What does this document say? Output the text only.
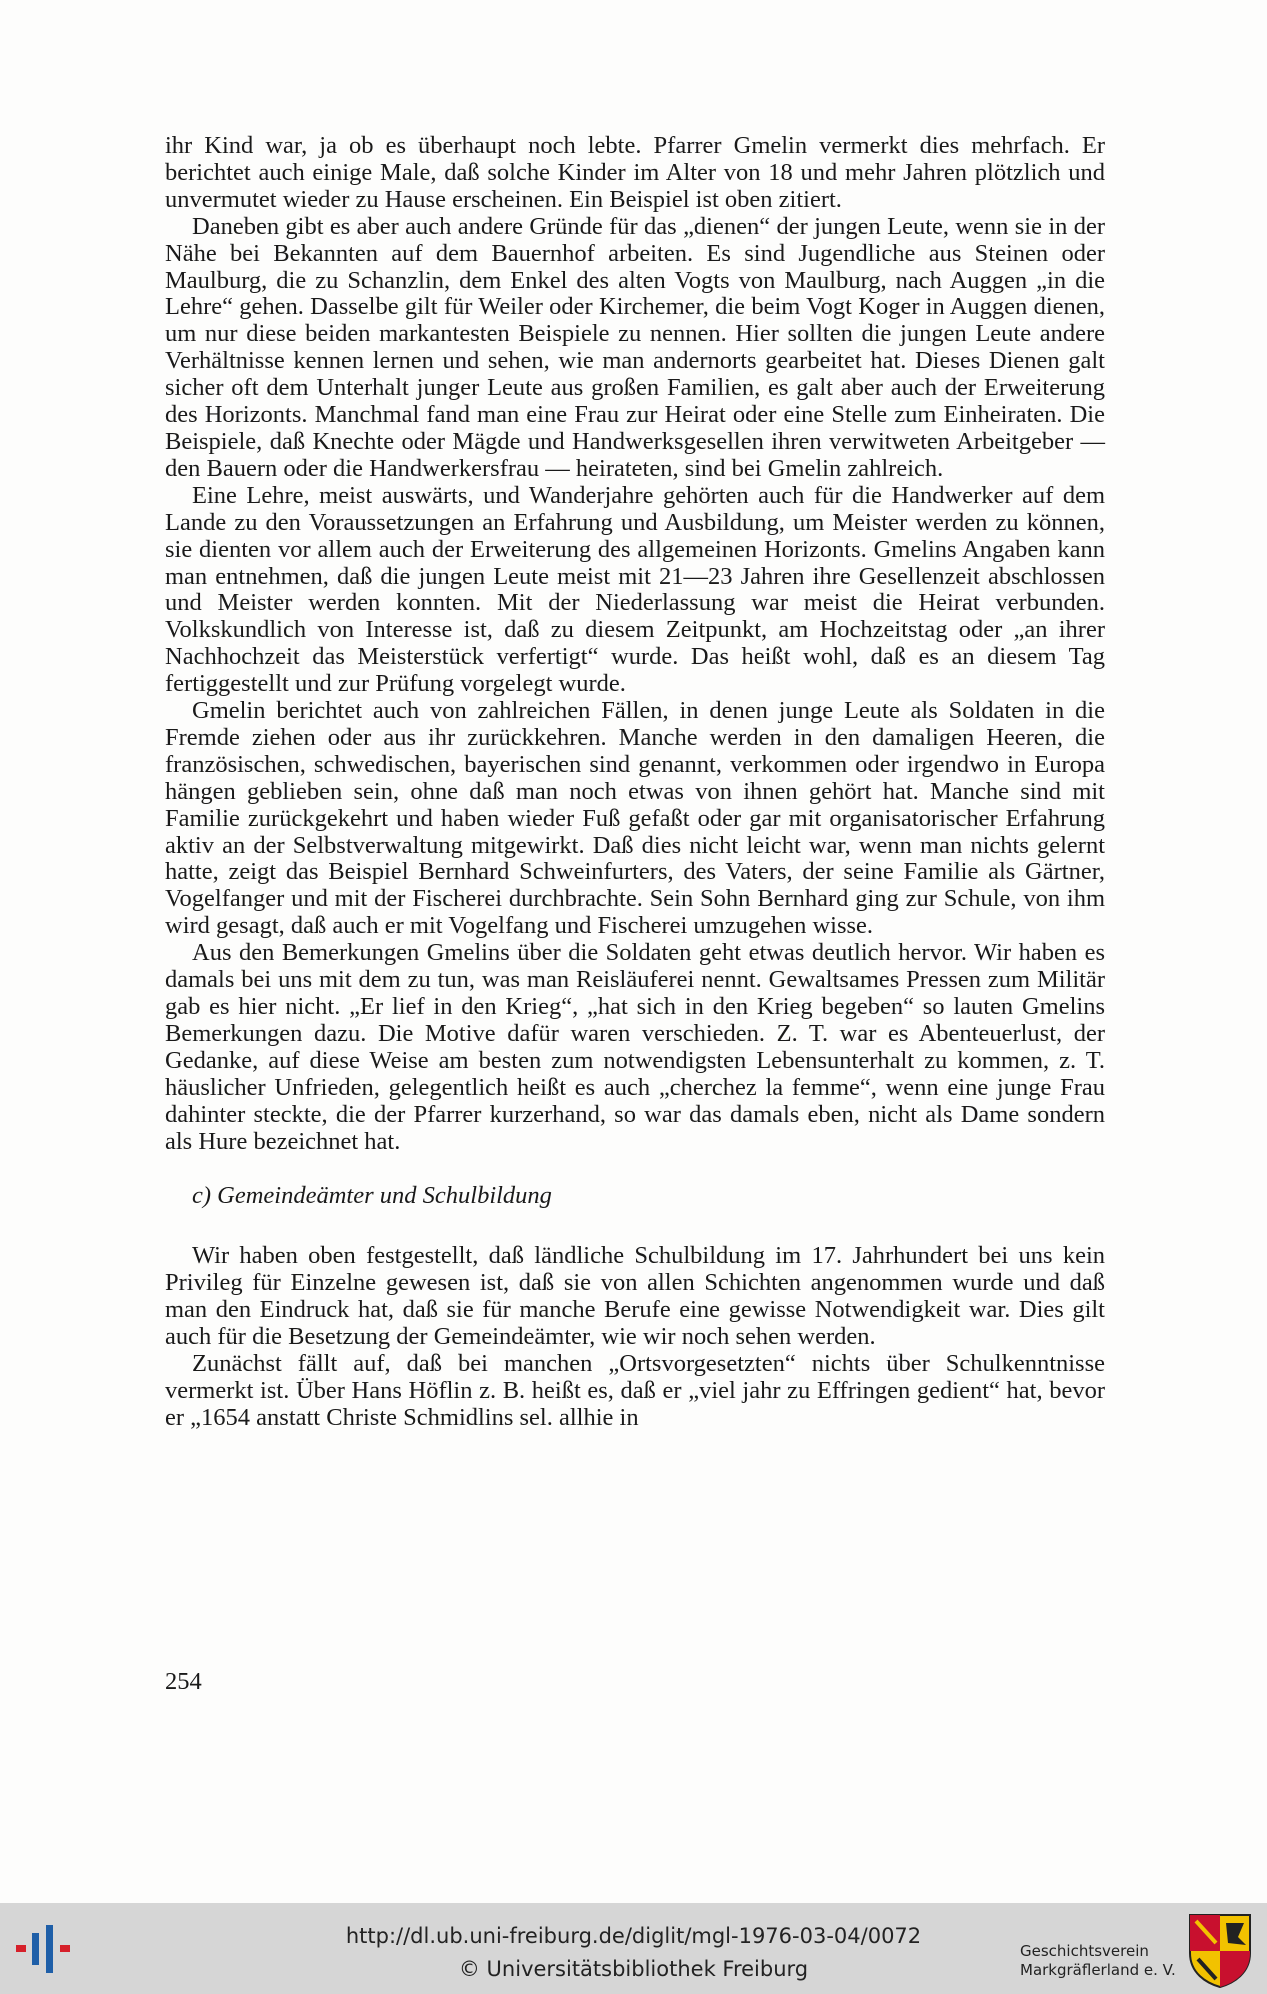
ihr Kind war, ja ob es überhaupt noch lebte. Pfarrer Gmelin vermerkt dies mehrfach. Er berichtet auch einige Male, daß solche Kinder im Alter von 18 und mehr Jahren plötzlich und unvermutet wieder zu Hause erscheinen. Ein Beispiel ist oben zitiert.

Daneben gibt es aber auch andere Gründe für das „dienen“ der jungen Leute, wenn sie in der Nähe bei Bekannten auf dem Bauernhof arbeiten. Es sind Jugendliche aus Steinen oder Maulburg, die zu Schanzlin, dem Enkel des alten Vogts von Maulburg, nach Auggen „in die Lehre“ gehen. Dasselbe gilt für Weiler oder Kirchemer, die beim Vogt Koger in Auggen dienen, um nur diese beiden markantesten Beispiele zu nennen. Hier sollten die jungen Leute andere Verhältnisse kennen lernen und sehen, wie man andernorts gearbeitet hat. Dieses Dienen galt sicher oft dem Unterhalt junger Leute aus großen Familien, es galt aber auch der Erweiterung des Horizonts. Manchmal fand man eine Frau zur Heirat oder eine Stelle zum Einheiraten. Die Beispiele, daß Knechte oder Mägde und Handwerksgesellen ihren verwitweten Arbeitgeber — den Bauern oder die Handwerkersfrau — heirateten, sind bei Gmelin zahlreich.

Eine Lehre, meist auswärts, und Wanderjahre gehörten auch für die Handwerker auf dem Lande zu den Voraussetzungen an Erfahrung und Ausbildung, um Meister werden zu können, sie dienten vor allem auch der Erweiterung des allgemeinen Horizonts. Gmelins Angaben kann man entnehmen, daß die jungen Leute meist mit 21—23 Jahren ihre Gesellenzeit abschlossen und Meister werden konnten. Mit der Niederlassung war meist die Heirat verbunden. Volkskundlich von Interesse ist, daß zu diesem Zeitpunkt, am Hochzeitstag oder „an ihrer Nachhochzeit das Meisterstück verfertigt“ wurde. Das heißt wohl, daß es an diesem Tag fertiggestellt und zur Prüfung vorgelegt wurde.

Gmelin berichtet auch von zahlreichen Fällen, in denen junge Leute als Soldaten in die Fremde ziehen oder aus ihr zurückkehren. Manche werden in den damaligen Heeren, die französischen, schwedischen, bayerischen sind genannt, verkommen oder irgendwo in Europa hängen geblieben sein, ohne daß man noch etwas von ihnen gehört hat. Manche sind mit Familie zurückgekehrt und haben wieder Fuß gefaßt oder gar mit organisatorischer Erfahrung aktiv an der Selbstverwaltung mitgewirkt. Daß dies nicht leicht war, wenn man nichts gelernt hatte, zeigt das Beispiel Bernhard Schweinfurters, des Vaters, der seine Familie als Gärtner, Vogelfanger und mit der Fischerei durchbrachte. Sein Sohn Bernhard ging zur Schule, von ihm wird gesagt, daß auch er mit Vogelfang und Fischerei umzugehen wisse.

Aus den Bemerkungen Gmelins über die Soldaten geht etwas deutlich hervor. Wir haben es damals bei uns mit dem zu tun, was man Reisläuferei nennt. Gewaltsames Pressen zum Militär gab es hier nicht. „Er lief in den Krieg“, „hat sich in den Krieg begeben“ so lauten Gmelins Bemerkungen dazu. Die Motive dafür waren verschieden. Z. T. war es Abenteuerlust, der Gedanke, auf diese Weise am besten zum notwendigsten Lebensunterhalt zu kommen, z. T. häuslicher Unfrieden, gelegentlich heißt es auch „cherchez la femme“, wenn eine junge Frau dahinter steckte, die der Pfarrer kurzerhand, so war das damals eben, nicht als Dame sondern als Hure bezeichnet hat.

c) Gemeindeämter und Schulbildung

Wir haben oben festgestellt, daß ländliche Schulbildung im 17. Jahrhundert bei uns kein Privileg für Einzelne gewesen ist, daß sie von allen Schichten angenommen wurde und daß man den Eindruck hat, daß sie für manche Berufe eine gewisse Notwendigkeit war. Dies gilt auch für die Besetzung der Gemeindeämter, wie wir noch sehen werden.

Zunächst fällt auf, daß bei manchen „Ortsvorgesetzten“ nichts über Schulkenntnisse vermerkt ist. Über Hans Höflin z. B. heißt es, daß er „viel jahr zu Effringen gedient“ hat, bevor er „1654 anstatt Christe Schmidlins sel. allhie in

254
http://dl.ub.uni-freiburg.de/diglit/mgl-1976-03-04/0072
© Universitätsbibliothek Freiburg
Geschichtsverein
Markgräflerland e. V.
